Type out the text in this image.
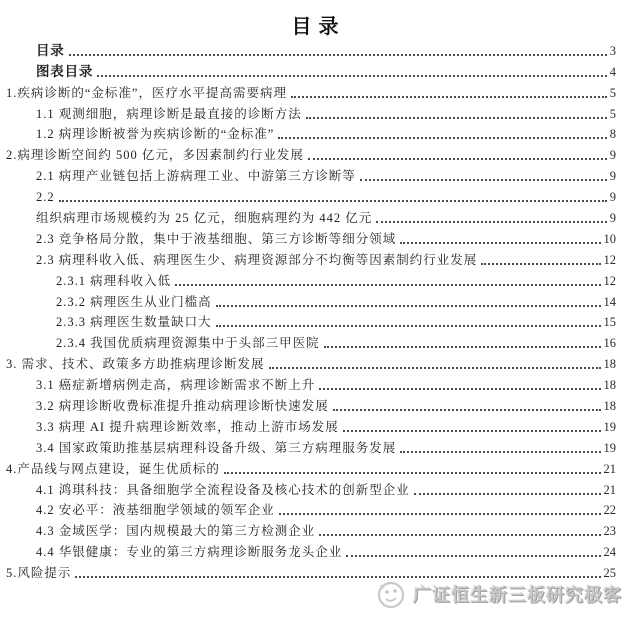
目录
目录	3
图表目录	4
1.疾病诊断的“金标准”，医疗水平提高需要病理	5
1.1 观测细胞，病理诊断是最直接的诊断方法	5
1.2 病理诊断被誉为疾病诊断的“金标准”	8
2.病理诊断空间约 500 亿元，多因素制约行业发展	9
2.1 病理产业链包括上游病理工业、中游第三方诊断等	9
2.2	9
组织病理市场规模约为 25 亿元，细胞病理约为 442 亿元	9
2.3 竞争格局分散，集中于液基细胞、第三方诊断等细分领域	10
2.3 病理科收入低、病理医生少、病理资源部分不均衡等因素制约行业发展	12
2.3.1 病理科收入低	12
2.3.2 病理医生从业门槛高	14
2.3.3 病理医生数量缺口大	15
2.3.4 我国优质病理资源集中于头部三甲医院	16
3. 需求、技术、政策多方助推病理诊断发展	18
3.1 癌症新增病例走高，病理诊断需求不断上升	18
3.2 病理诊断收费标准提升推动病理诊断快速发展	18
3.3 病理 AI 提升病理诊断效率，推动上游市场发展	19
3.4 国家政策助推基层病理科设备升级、第三方病理服务发展	19
4.产品线与网点建设，诞生优质标的	21
4.1 鸿琪科技：具备细胞学全流程设备及核心技术的创新型企业	21
4.2 安必平：液基细胞学领域的领军企业	22
4.3 金域医学：国内规模最大的第三方检测企业	23
4.4 华银健康：专业的第三方病理诊断服务龙头企业	24
5.风险提示	25
广证恒生新三板研究极客
